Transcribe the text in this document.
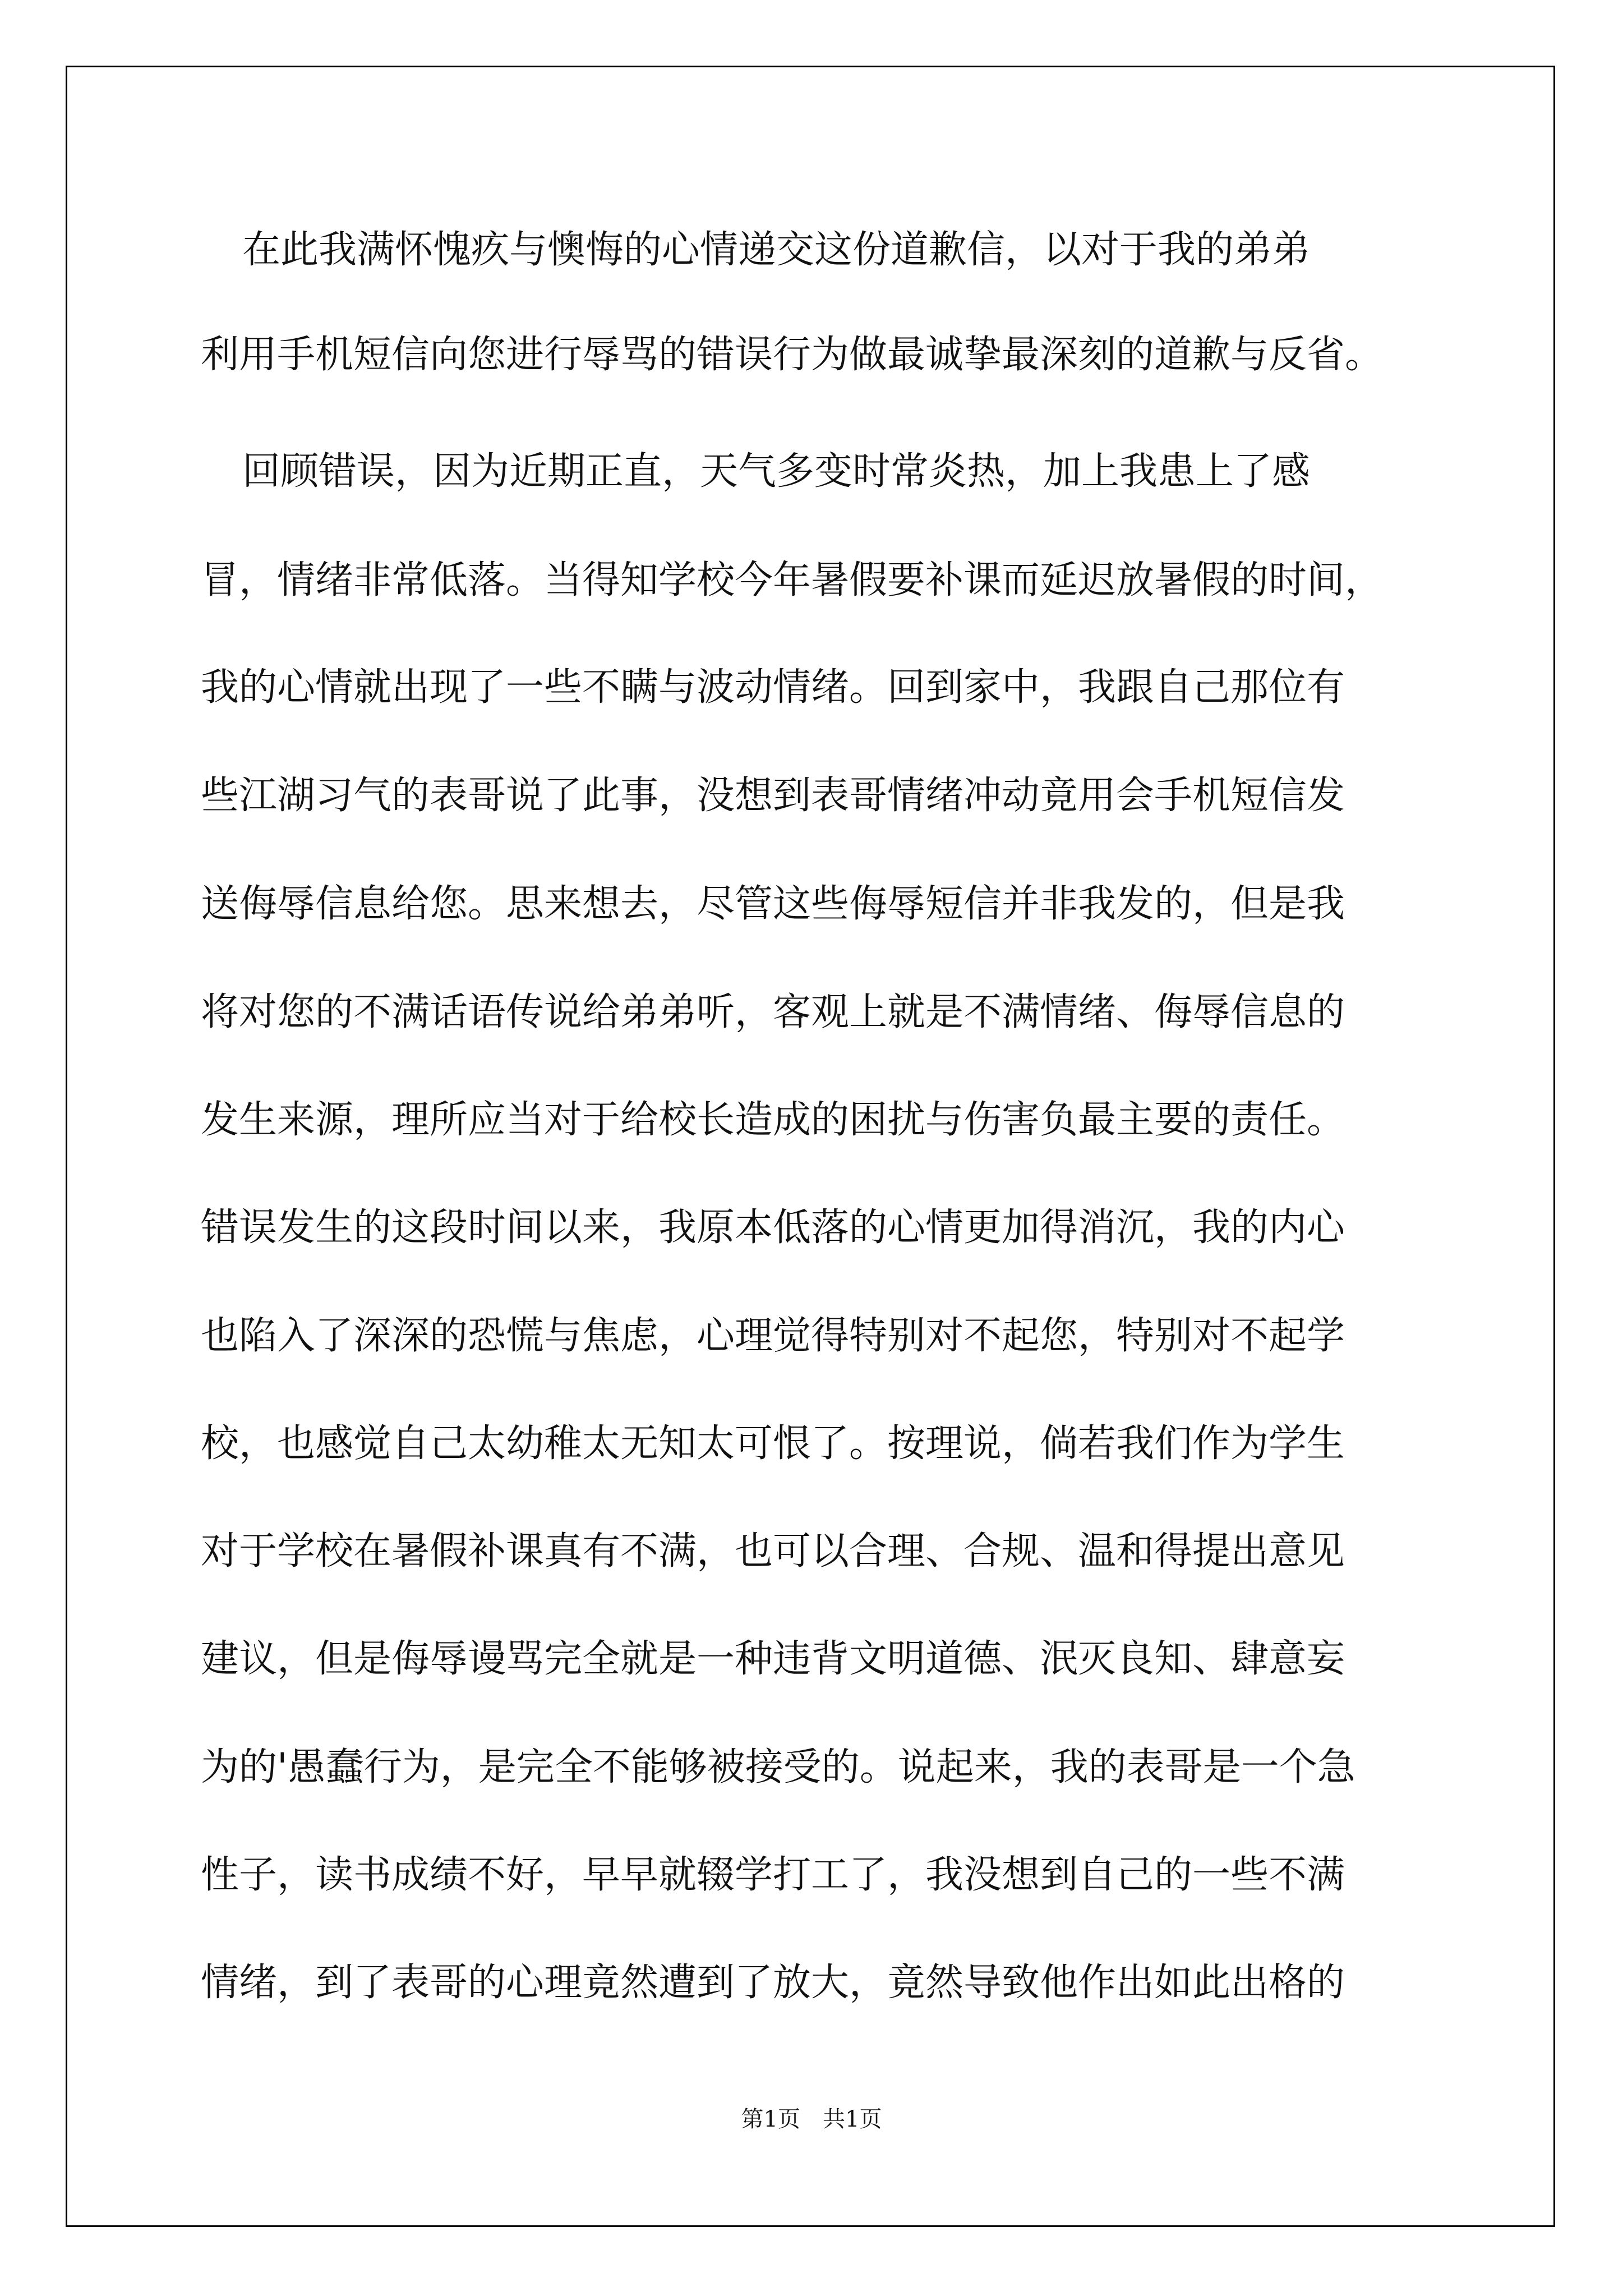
在此我满怀愧疚与懊悔的心情递交这份道歉信，以对于我的弟弟
利用手机短信向您进行辱骂的错误行为做最诚挚最深刻的道歉与反省。
回顾错误，因为近期正直，天气多变时常炎热，加上我患上了感
冒，情绪非常低落。当得知学校今年暑假要补课而延迟放暑假的时间，
我的心情就出现了一些不瞒与波动情绪。回到家中，我跟自己那位有
些江湖习气的表哥说了此事，没想到表哥情绪冲动竟用会手机短信发
送侮辱信息给您。思来想去，尽管这些侮辱短信并非我发的，但是我
将对您的不满话语传说给弟弟听，客观上就是不满情绪、侮辱信息的
发生来源，理所应当对于给校长造成的困扰与伤害负最主要的责任。
错误发生的这段时间以来，我原本低落的心情更加得消沉，我的内心
也陷入了深深的恐慌与焦虑，心理觉得特别对不起您，特别对不起学
校，也感觉自己太幼稚太无知太可恨了。按理说，倘若我们作为学生
对于学校在暑假补课真有不满，也可以合理、合规、温和得提出意见
建议，但是侮辱谩骂完全就是一种违背文明道德、泯灭良知、肆意妄
为的'愚蠢行为，是完全不能够被接受的。说起来，我的表哥是一个急
性子，读书成绩不好，早早就辍学打工了，我没想到自己的一些不满
情绪，到了表哥的心理竟然遭到了放大，竟然导致他作出如此出格的
第1页　共1页
